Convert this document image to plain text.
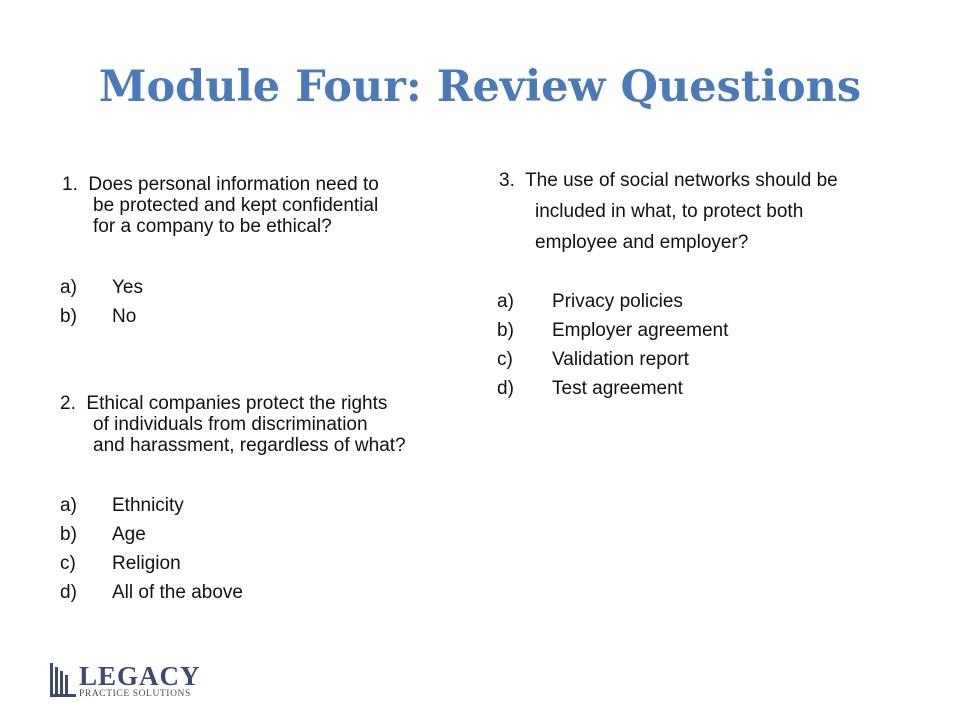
Module Four: Review Questions
1. Does personal information need to
be protected and kept confidential
for a company to be ethical?
a)	Yes
b)	No
2. Ethical companies protect the rights
of individuals from discrimination
and harassment, regardless of what?
a)	Ethnicity
b)	Age
c)	Religion
d)	All of the above
3. The use of social networks should be
included in what, to protect both
employee and employer?
a)	Privacy policies
b)	Employer agreement
c)	Validation report
d)	Test agreement
LEGACY
PRACTICE SOLUTIONS
